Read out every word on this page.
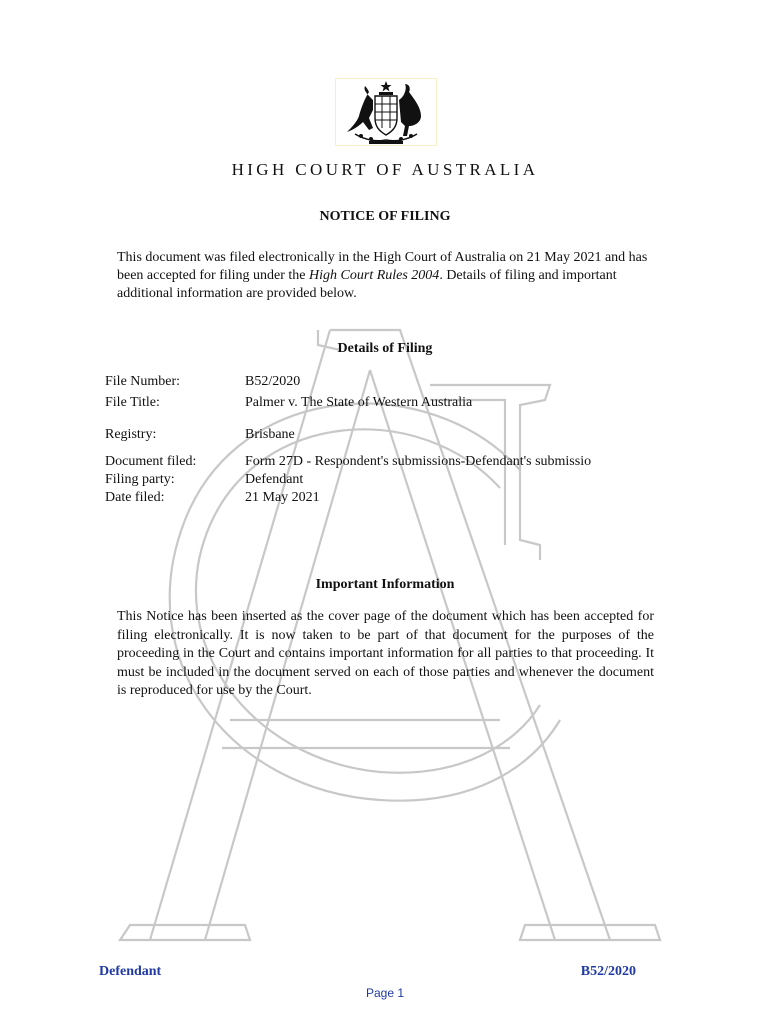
HIGH COURT OF AUSTRALIA
NOTICE OF FILING
This document was filed electronically in the High Court of Australia on 21 May 2021 and has been accepted for filing under the High Court Rules 2004. Details of filing and important additional information are provided below.
Details of Filing
File Number:	B52/2020
File Title:	Palmer v. The State of Western Australia
Registry:	Brisbane
Document filed:	Form 27D - Respondent's submissions-Defendant's submissio
Filing party:	Defendant
Date filed:	21 May 2021
Important Information
This Notice has been inserted as the cover page of the document which has been accepted for filing electronically. It is now taken to be part of that document for the purposes of the proceeding in the Court and contains important information for all parties to that proceeding. It must be included in the document served on each of those parties and whenever the document is reproduced for use by the Court.
Defendant	B52/2020
Page 1
